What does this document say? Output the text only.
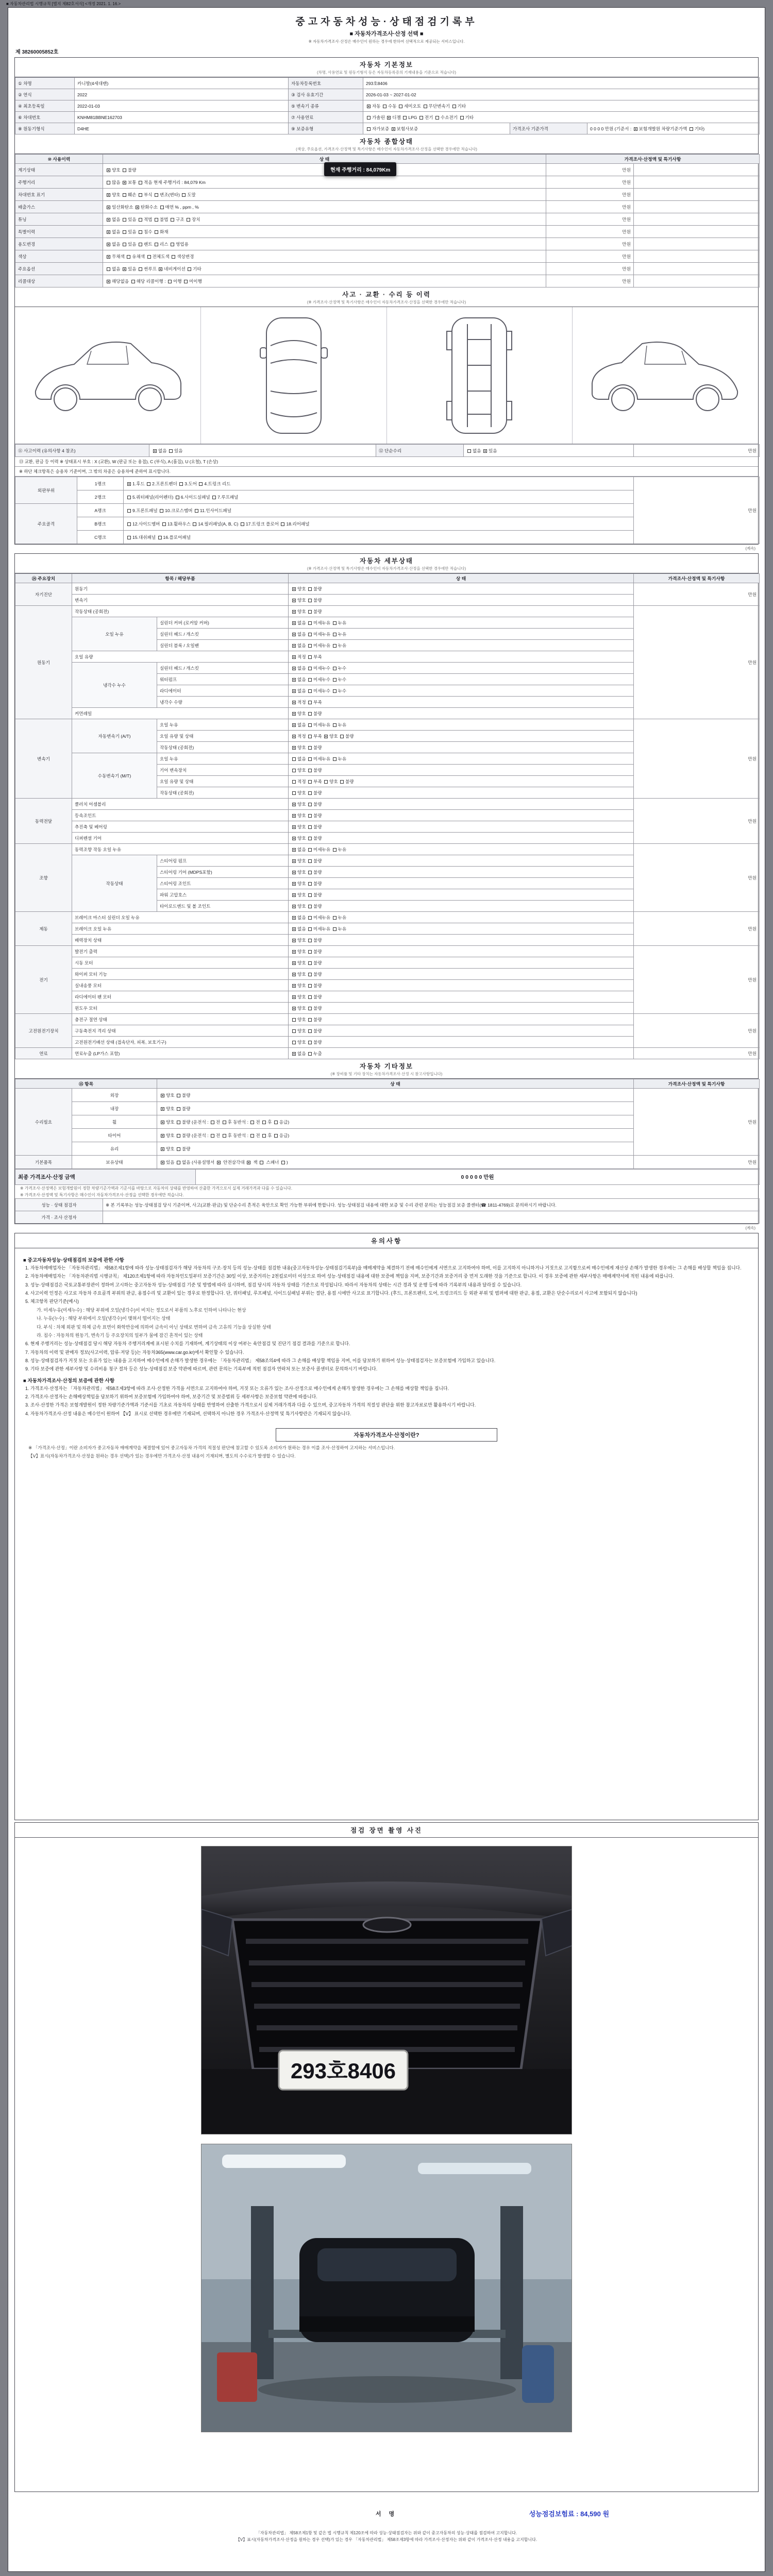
■ 자동차관리법 시행규칙 [별지 제82호서식] <개정 2021. 1. 16.>
중고자동차성능·상태점검기록부
■ 자동차가격조사·산정 선택 ■
※ 자동차가격조사·산정은 매수인이 원하는 경우에 한하여 선택적으로 제공되는 서비스입니다.
제 38260005852호
자동차 기본정보
(차명, 사용연료 및 원동기형식 등은 자동차등록증의 기재내용을 기준으로 적습니다)
① 차명	카니발(4세대밴)	자동차등록번호	293호8406		
② 연식	2022	③ 검사 유효기간	2026-01-03 ~ 2027-01-02		
④ 최초등록일	2022-01-03	⑤ 변속기 종류	자동 수동 세미오토 무단변속기 기타		
⑥ 차대번호	KNHM81BBNE162703	⑦ 사용연료	가솔린 디젤 LPG 전기 수소전기 기타		
⑧ 원동기형식	D4HE	⑨ 보증유형	자가보증 보험사보증	가격조사 기준가격	0 0 0 0 만원 (기준서 : 보험개발원 차량기준가액 기타)
자동차 종합상태
(색상, 주요옵션, 가격조사·산정액 및 특기사항은 매수인이 자동차가격조사·산정을 선택한 경우에만 적습니다)
⑩ 사용이력	상 태	가격조사·산정액 및 특기사항	
계기상태	양호 불량	만원	
주행거리	많음 보통 적음 현재 주행거리 : 84,079 Km	만원	
차대번호 표기	양호 훼손 부식 변조(변타) 도말	만원	
배출가스	일산화탄소 탄화수소 매연 % , ppm , %	만원	
튜닝	없음 있음 적법 불법 구조 장치	만원	
특별이력	없음 있음 침수 화재	만원	
용도변경	없음 있음 렌트 리스 영업용	만원	
색상	무채색 유채색 전체도색 색상변경	만원	
주요옵션	없음 있음 썬루프 네비게이션 기타	만원	
리콜대상	해당없음 해당 리콜이행 : 이행 미이행	만원	
현재 주행거리 : 84,079Km
사고 · 교환 · 수리 등 이력
(※ 가격조사·산정액 및 특기사항은 매수인이 자동차가격조사·산정을 선택한 경우에만 적습니다)
⑪ 사고이력 (유의사항 4 참조)	없음 있음	⑫ 단순수리	없음 있음	만원
⑬ 교환, 판금 등 이력 ※ 상태표시 부호 : X (교환), W (판금 또는 용접), C (부식), A (흠집), U (요철), T (손상)
※ 하단 체크항목은 승용차 기준이며, 그 밖의 차종은 승용차에 준하여 표시합니다.
외판부위	1랭크	1.후드 2.프론트펜더 3.도어 4.트렁크 리드	만원
	2랭크	5.쿼터패널(리어펜더) 6.사이드실패널 7.루프패널	
주요골격	A랭크	9.프론트패널 10.크로스멤버 11.인사이드패널	
	B랭크	12.사이드멤버 13.휠하우스 14.필러패널(A, B, C) 17.트렁크 플로어 18.리어패널	
	C랭크	15.대쉬패널 16.플로어패널	
(계속)
자동차 세부상태
(※ 가격조사·산정액 및 특기사항은 매수인이 자동차가격조사·산정을 선택한 경우에만 적습니다)
⑭ 주요장치	항목 / 해당부품		상 태	가격조사·산정액 및 특기사항
자기진단	원동기		양호 불량	만원
	변속기		양호 불량	
원동기	작동상태 (공회전)		양호 불량	만원
	오일 누유	실린더 커버 (로커암 커버)	없음 미세누유 누유	
		실린더 헤드 / 개스킷	없음 미세누유 누유	
		실린더 블록 / 오일팬	없음 미세누유 누유	
	오일 유량		적정 부족	
	냉각수 누수	실린더 헤드 / 개스킷	없음 미세누수 누수	
		워터펌프	없음 미세누수 누수	
		라디에이터	없음 미세누수 누수	
		냉각수 수량	적정 부족	
	커먼레일		양호 불량	
변속기	자동변속기 (A/T)	오일 누유	없음 미세누유 누유	만원
		오일 유량 및 상태	적정 부족 양호 불량	
		작동상태 (공회전)	양호 불량	
	수동변속기 (M/T)	오일 누유	없음 미세누유 누유	
		기어 변속장치	양호 불량	
		오일 유량 및 상태	적정 부족 양호 불량	
		작동상태 (공회전)	양호 불량	
동력전달	클러치 어셈블리		양호 불량	만원
	등속조인트		양호 불량	
	추진축 및 베어링		양호 불량	
	디퍼렌셜 기어		양호 불량	
조향	동력조향 작동 오일 누유		없음 미세누유 누유	만원
	작동상태	스티어링 펌프	양호 불량	
		스티어링 기어 (MDPS포함)	양호 불량	
		스티어링 조인트	양호 불량	
		파워 고압호스	양호 불량	
		타이로드엔드 및 볼 조인트	양호 불량	
제동	브레이크 마스터 실린더 오일 누유		없음 미세누유 누유	만원
	브레이크 오일 누유		없음 미세누유 누유	
	배력장치 상태		양호 불량	
전기	발전기 출력		양호 불량	만원
	시동 모터		양호 불량	
	와이퍼 모터 기능		양호 불량	
	실내송풍 모터		양호 불량	
	라디에이터 팬 모터		양호 불량	
	윈도우 모터		양호 불량	
고전원전기장치	충전구 절연 상태		양호 불량	만원
	구동축전지 격리 상태		양호 불량	
	고전원전기배선 상태 (접속단자, 피복, 보호기구)		양호 불량	
연료	연료누출 (LP가스 포함)		없음 누출	만원
자동차 기타정보
(※ 장비품 및 기타 장치는 자동차가격조사·산정 시 참고사항입니다)
⑮ 항목		상 태	가격조사·산정액 및 특기사항
수리필요	외장	양호 불량	만원
	내장	양호 불량	
	휠	양호 불량 (운전석 : 전 후 동반석 : 전 후 응급)	
	타이어	양호 불량 (운전석 : 전 후 동반석 : 전 후 응급)	
	유리	양호 불량	
기본품목	보유상태	있음 없음 (사용설명서  안전삼각대  잭  스패너 )	만원
최종 가격조사·산정 금액	0 0 0 0 0 만원
※ 가격조사·산정액은 보험개발원이 정한 차량기준가액과 기준서를 바탕으로 자동차의 상태를 반영하여 산출한 가격으로서 실제 거래가격과 다를 수 있습니다.
※ 가격조사·산정액 및 특기사항은 매수인이 자동차가격조사·산정을 선택한 경우에만 적습니다.
성능 · 상태 점검자	※ 본 기록부는 성능·상태점검 당시 기준이며, 사고(교환·판금) 및 단순수리 흔적은 육안으로 확인 가능한 부위에 한합니다. 성능·상태점검 내용에 대한 보증 및 수리 관련 문의는 성능점검 보증 콜센터(☎ 1811-4769)로 문의하시기 바랍니다.
가격 · 조사 산정자	
(계속)
유의사항
■ 중고자동차성능·상태점검의 보증에 관한 사항
1. 자동차매매업자는 「자동차관리법」 제58조제1항에 따라 성능·상태점검자가 해당 자동차의 구조·장치 등의 성능·상태를 점검한 내용(중고자동차성능·상태점검기록부)을 매매계약을 체결하기 전에 매수인에게 서면으로 고지하여야 하며, 이를 고지하지 아니하거나 거짓으로 고지함으로써 매수인에게 재산상 손해가 발생한 경우에는 그 손해를 배상할 책임을 집니다.
2. 자동차매매업자는 「자동차관리법 시행규칙」 제120조제1항에 따라 자동차인도일부터 보증기간은 30일 이상, 보증거리는 2천킬로미터 이상으로 하여 성능·상태점검 내용에 대한 보증에 책임을 지며, 보증기간과 보증거리 중 먼저 도래한 것을 기준으로 합니다. 이 경우 보증에 관한 세부사항은 매매계약서에 적힌 내용에 따릅니다.
3. 성능·상태점검은 국토교통부장관이 정하여 고시하는 중고자동차 성능·상태점검 기준 및 방법에 따라 실시하며, 점검 당시의 자동차 상태를 기준으로 작성됩니다. 따라서 자동차의 상태는 시간 경과 및 운행 등에 따라 기록부의 내용과 달라질 수 있습니다.
4. 사고이력 인정은 사고로 자동차 주요골격 부위의 판금, 용접수리 및 교환이 있는 경우로 한정합니다. 단, 쿼터패널, 루프패널, 사이드실패널 부위는 절단, 용접 시에만 사고로 표기합니다. (후드, 프론트펜더, 도어, 트렁크리드 등 외판 부위 및 범퍼에 대한 판금, 용접, 교환은 단순수리로서 사고에 포함되지 않습니다)
5. 체크항목 판단기준(예시)
가. 미세누유(미세누수) : 해당 부위에 오일(냉각수)이 비치는 정도로서 부품의 노후로 인하여 나타나는 현상
나. 누유(누수) : 해당 부위에서 오일(냉각수)이 맺혀서 떨어지는 상태
다. 부식 : 차체 외판 및 하체 금속 표면이 화학반응에 의하여 금속이 아닌 상태로 변하여 금속 고유의 기능을 상실한 상태
라. 침수 : 자동차의 원동기, 변속기 등 주요장치의 일부가 물에 잠긴 흔적이 있는 상태
6. 현재 주행거리는 성능·상태점검 당시 해당 자동차 주행거리계에 표시된 수치를 기재하며, 계기상태의 이상 여부는 육안점검 및 진단기 점검 결과를 기준으로 합니다.
7. 자동차의 이력 및 판매자 정보(사고이력, 압류·저당 등)는 자동차365(www.car.go.kr)에서 확인할 수 있습니다.
8. 성능·상태점검자가 거짓 또는 오류가 있는 내용을 고지하여 매수인에게 손해가 발생한 경우에는 「자동차관리법」 제58조의4에 따라 그 손해를 배상할 책임을 지며, 이를 담보하기 위하여 성능·상태점검자는 보증보험에 가입하고 있습니다.
9. 기타 보증에 관한 세부사항 및 수리비용 청구 절차 등은 성능·상태점검 보증 약관에 따르며, 관련 문의는 기록부에 적힌 점검자 연락처 또는 보증사 콜센터로 문의하시기 바랍니다.
■ 자동차가격조사·산정의 보증에 관한 사항
1. 가격조사·산정자는 「자동차관리법」 제58조제3항에 따라 조사·산정한 가격을 서면으로 고지하여야 하며, 거짓 또는 오류가 있는 조사·산정으로 매수인에게 손해가 발생한 경우에는 그 손해를 배상할 책임을 집니다.
2. 가격조사·산정자는 손해배상책임을 담보하기 위하여 보증보험에 가입하여야 하며, 보증기간 및 보증범위 등 세부사항은 보증보험 약관에 따릅니다.
3. 조사·산정한 가격은 보험개발원이 정한 차량기준가액과 기준서를 기초로 자동차의 상태를 반영하여 산출한 가격으로서 실제 거래가격과 다를 수 있으며, 중고자동차 가격의 적절성 판단을 위한 참고자료로만 활용하시기 바랍니다.
4. 자동차가격조사·산정 내용은 매수인이 원하여 【V】 표시로 선택한 경우에만 기재되며, 선택하지 아니한 경우 가격조사·산정액 및 특기사항란은 기재되지 않습니다.
자동차가격조사·산정이란?
※ 「가격조사·산정」이란 소비자가 중고자동차 매매계약을 체결함에 있어 중고자동차 가격의 적절성 판단에 참고할 수 있도록 소비자가 원하는 경우 이를 조사·산정하여 고지하는 서비스입니다.
【V】표시(자동차가격조사·산정을 원하는 경우 선택)가 있는 경우에만 가격조사·산정 내용이 기재되며, 별도의 수수료가 발생할 수 있습니다.
점검 장면 촬영 사진
293호8406
서 명	성능점검보험료 : 84,590 원
「자동차관리법」 제58조제1항 및 같은 법 시행규칙 제120조에 따라 성능·상태점검자는 위와 같이 중고자동차의 성능·상태를 점검하여 고지합니다.
【V】표시(자동차가격조사·산정을 원하는 경우 선택)가 있는 경우 「자동차관리법」 제58조제3항에 따라 가격조사·산정자는 위와 같이 가격조사·산정 내용을 고지합니다.
